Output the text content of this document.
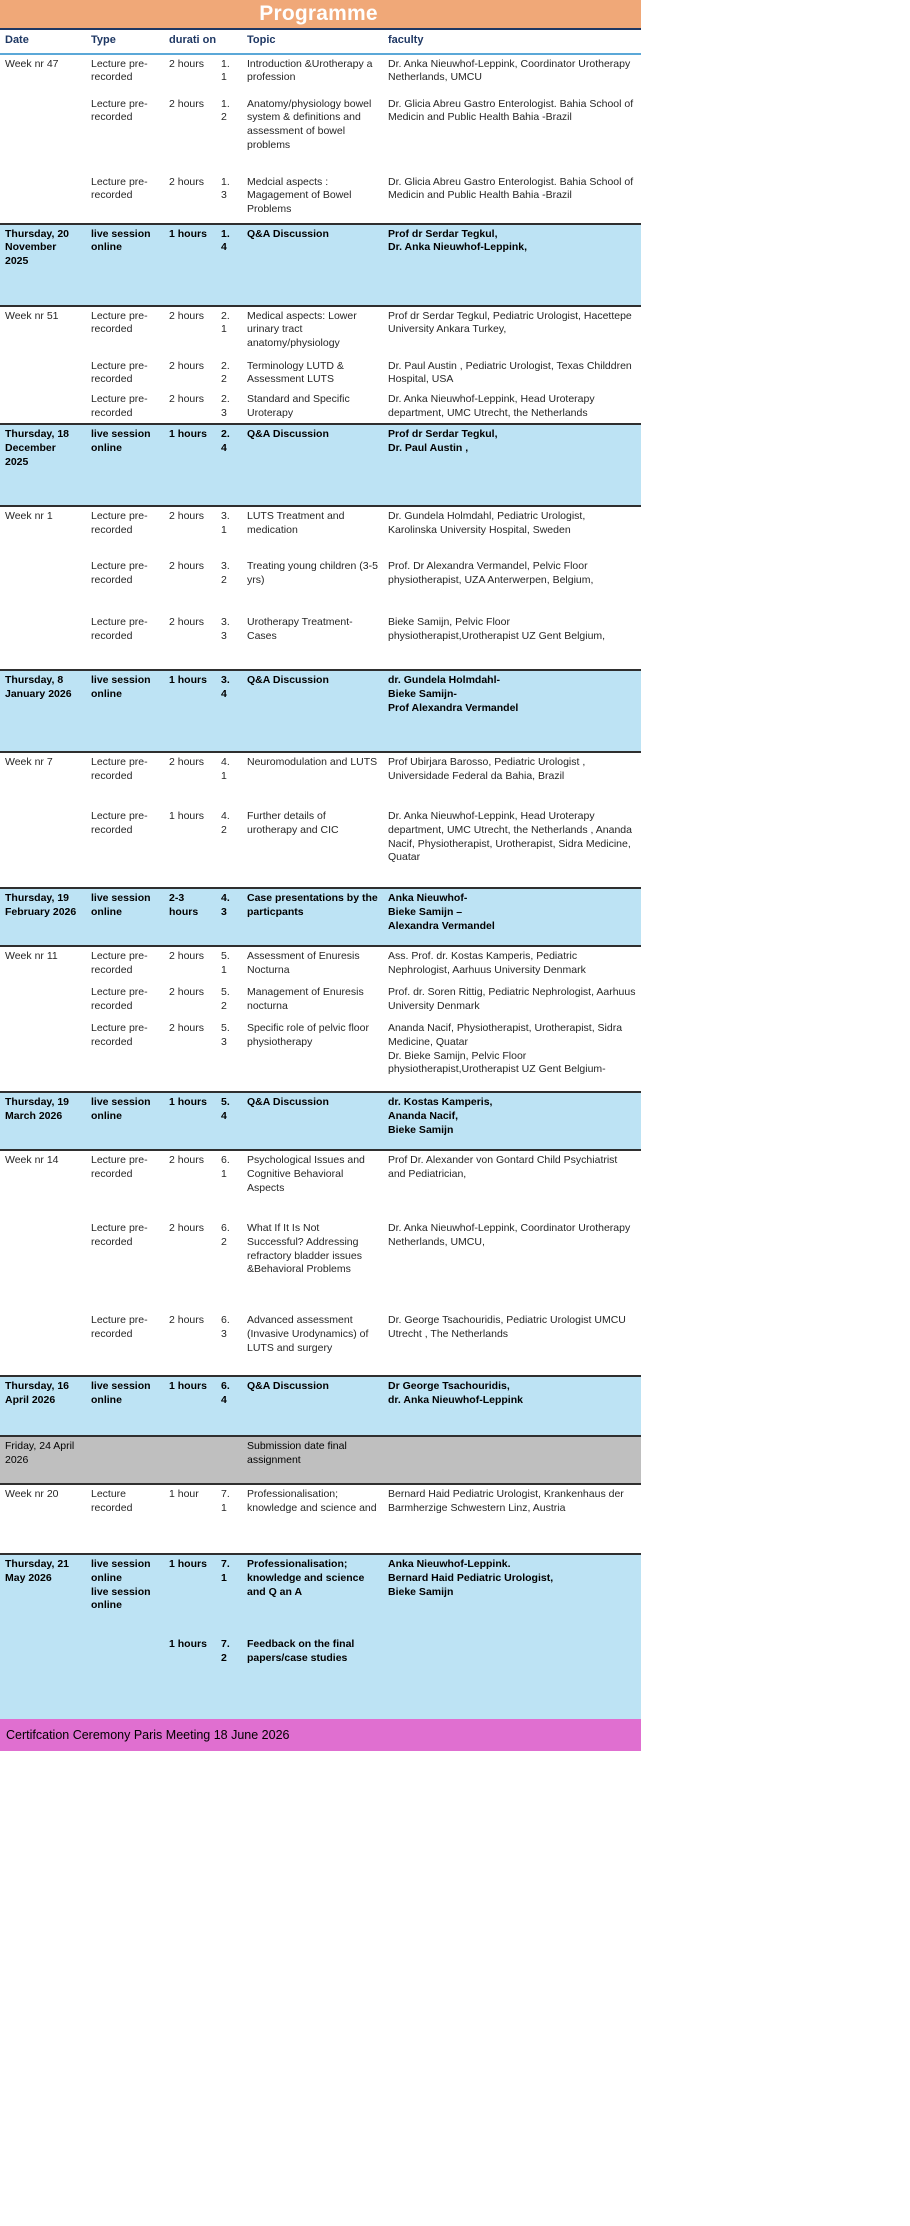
Programme					

Date	Type	durati on		Topic	faculty

Week nr 47	Lecture pre-recorded	2 hours	1. 1	Introduction &Urotherapy a profession	Dr. Anka Nieuwhof-Leppink, Coordinator Urotherapy Netherlands, UMCU

	Lecture pre-recorded	2 hours	1. 2	Anatomy/physiology bowel system & definitions and assessment of bowel problems	Dr. Glicia Abreu Gastro Enterologist. Bahia School of Medicin and Public Health Bahia -Brazil

	Lecture pre-recorded	2 hours	1. 3	Medcial aspects : Magagement of Bowel Problems	Dr. Glicia Abreu Gastro Enterologist. Bahia School of Medicin and Public Health Bahia -Brazil

Thursday, 20 November 2025	live session online	1 hours	1. 4	Q&A Discussion	Prof dr Serdar Tegkul,
Dr. Anka Nieuwhof-Leppink,

Week nr 51	Lecture pre-recorded	2 hours	2. 1	Medical aspects: Lower urinary tract anatomy/physiology	Prof dr Serdar Tegkul, Pediatric Urologist, Hacettepe University Ankara Turkey,

	Lecture pre-recorded	2 hours	2. 2	Terminology LUTD & Assessment LUTS	Dr. Paul Austin , Pediatric Urologist, Texas Childdren Hospital, USA

	Lecture pre-recorded	2 hours	2. 3	Standard and Specific Uroterapy	Dr. Anka Nieuwhof-Leppink, Head Uroterapy department, UMC Utrecht, the Netherlands

Thursday, 18 December 2025	live session online	1 hours	2. 4	Q&A Discussion	Prof dr Serdar Tegkul,
Dr. Paul Austin ,

Week nr 1	Lecture pre-recorded	2 hours	3. 1	LUTS Treatment and medication	Dr. Gundela Holmdahl, Pediatric Urologist, Karolinska University Hospital, Sweden

	Lecture pre-recorded	2 hours	3. 2	Treating young children (3-5 yrs)	Prof. Dr Alexandra Vermandel, Pelvic Floor physiotherapist, UZA Anterwerpen, Belgium,

	Lecture pre-recorded	2 hours	3. 3	Urotherapy Treatment-Cases	Bieke Samijn, Pelvic Floor physiotherapist,Urotherapist UZ Gent Belgium,

Thursday, 8 January 2026	live session online	1 hours	3. 4	Q&A Discussion	dr. Gundela Holmdahl-
Bieke Samijn-
Prof Alexandra Vermandel

Week nr 7	Lecture pre-recorded	2 hours	4. 1	Neuromodulation and LUTS	Prof Ubirjara Barosso, Pediatric Urologist , Universidade Federal da Bahia, Brazil

	Lecture pre-recorded	1 hours	4. 2	Further details of urotherapy and CIC	Dr. Anka Nieuwhof-Leppink, Head Uroterapy department, UMC Utrecht, the Netherlands , Ananda Nacif, Physiotherapist, Urotherapist, Sidra Medicine, Quatar

Thursday, 19 February 2026	live session online	2-3 hours	4. 3	Case presentations by the particpants	Anka Nieuwhof-
Bieke Samijn –
Alexandra Vermandel

Week nr 11	Lecture pre-recorded	2 hours	5. 1	Assessment of Enuresis Nocturna	Ass. Prof. dr. Kostas Kamperis, Pediatric Nephrologist, Aarhuus University Denmark

	Lecture pre-recorded	2 hours	5. 2	Management of Enuresis nocturna	Prof. dr. Soren Rittig, Pediatric Nephrologist, Aarhuus University Denmark

	Lecture pre-recorded	2 hours	5. 3	Specific role of pelvic floor physiotherapy	Ananda Nacif, Physiotherapist, Urotherapist, Sidra Medicine, Quatar
Dr. Bieke Samijn, Pelvic Floor physiotherapist,Urotherapist UZ Gent Belgium-

Thursday, 19 March 2026	live session online	1 hours	5. 4	Q&A Discussion	dr. Kostas Kamperis,
Ananda Nacif,
Bieke Samijn

Week nr 14	Lecture pre-recorded	2 hours	6. 1	Psychological Issues and Cognitive Behavioral Aspects	Prof Dr. Alexander von Gontard Child Psychiatrist and Pediatrician,

	Lecture pre-recorded	2 hours	6. 2	What If It Is Not Successful? Addressing refractory bladder issues &Behavioral Problems	Dr. Anka Nieuwhof-Leppink, Coordinator Urotherapy Netherlands, UMCU,

	Lecture pre-recorded	2 hours	6. 3	Advanced assessment (Invasive Urodynamics) of LUTS and surgery	Dr. George Tsachouridis, Pediatric Urologist UMCU Utrecht , The Netherlands

Thursday, 16 April 2026	live session online	1 hours	6. 4	Q&A Discussion	Dr George Tsachouridis,
dr. Anka Nieuwhof-Leppink

Friday, 24 April 2026				Submission date final assignment	

Week nr 20	Lecture recorded	1 hour	7. 1	Professionalisation; knowledge and science and	Bernard Haid Pediatric Urologist, Krankenhaus der Barmherzige Schwestern Linz, Austria

Thursday, 21 May 2026	live session online
live session online	1 hours	7. 1	Professionalisation; knowledge and science and Q an A	Anka Nieuwhof-Leppink.
Bernard Haid Pediatric Urologist,
Bieke Samijn

		1 hours	7. 2	Feedback on the final papers/case studies	

Certifcation Ceremony Paris Meeting 18 June 2026
